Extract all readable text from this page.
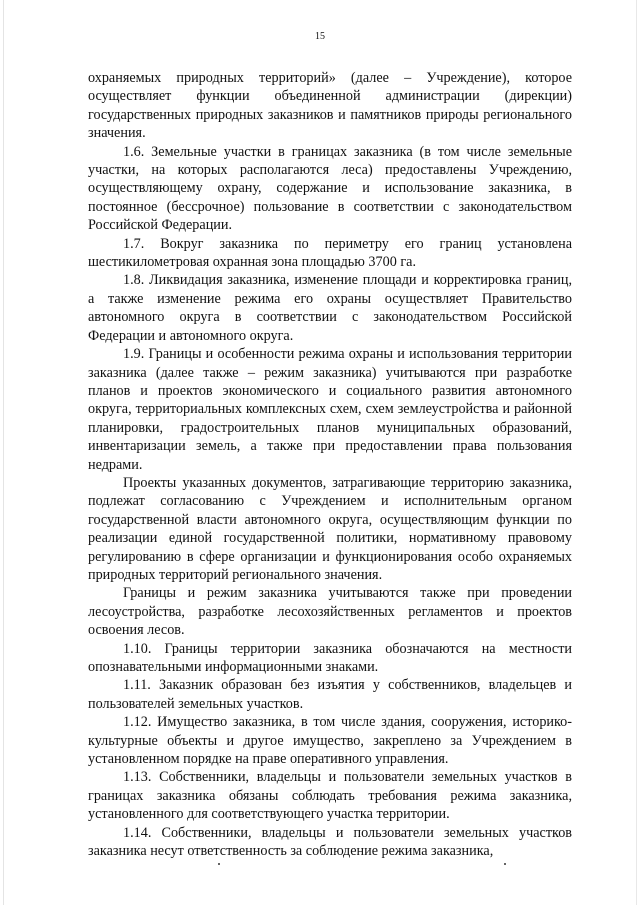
15

охраняемых природных территорий» (далее – Учреждение), которое осуществляет функции объединенной администрации (дирекции) государственных природных заказников и памятников природы регионального значения.

1.6. Земельные участки в границах заказника (в том числе земельные участки, на которых располагаются леса) предоставлены Учреждению, осуществляющему охрану, содержание и использование заказника, в постоянное (бессрочное) пользование в соответствии с законодательством Российской Федерации.

1.7. Вокруг заказника по периметру его границ установлена шестикилометровая охранная зона площадью 3700 га.

1.8. Ликвидация заказника, изменение площади и корректировка границ, а также изменение режима его охраны осуществляет Правительство автономного округа в соответствии с законодательством Российской Федерации и автономного округа.

1.9. Границы и особенности режима охраны и использования территории заказника (далее также – режим заказника) учитываются при разработке планов и проектов экономического и социального развития автономного округа, территориальных комплексных схем, схем землеустройства и районной планировки, градостроительных планов муниципальных образований, инвентаризации земель, а также при предоставлении права пользования недрами.

Проекты указанных документов, затрагивающие территорию заказника, подлежат согласованию с Учреждением и исполнительным органом государственной власти автономного округа, осуществляющим функции по реализации единой государственной политики, нормативному правовому регулированию в сфере организации и функционирования особо охраняемых природных территорий регионального значения.

Границы и режим заказника учитываются также при проведении лесоустройства, разработке лесохозяйственных регламентов и проектов освоения лесов.

1.10. Границы территории заказника обозначаются на местности опознавательными информационными знаками.

1.11. Заказник образован без изъятия у собственников, владельцев и пользователей земельных участков.

1.12. Имущество заказника, в том числе здания, сооружения, историко-культурные объекты и другое имущество, закреплено за Учреждением в установленном порядке на праве оперативного управления.

1.13. Собственники, владельцы и пользователи земельных участков в границах заказника обязаны соблюдать требования режима заказника, установленного для соответствующего участка территории.

1.14. Собственники, владельцы и пользователи земельных участков заказника несут ответственность за соблюдение режима заказника,
